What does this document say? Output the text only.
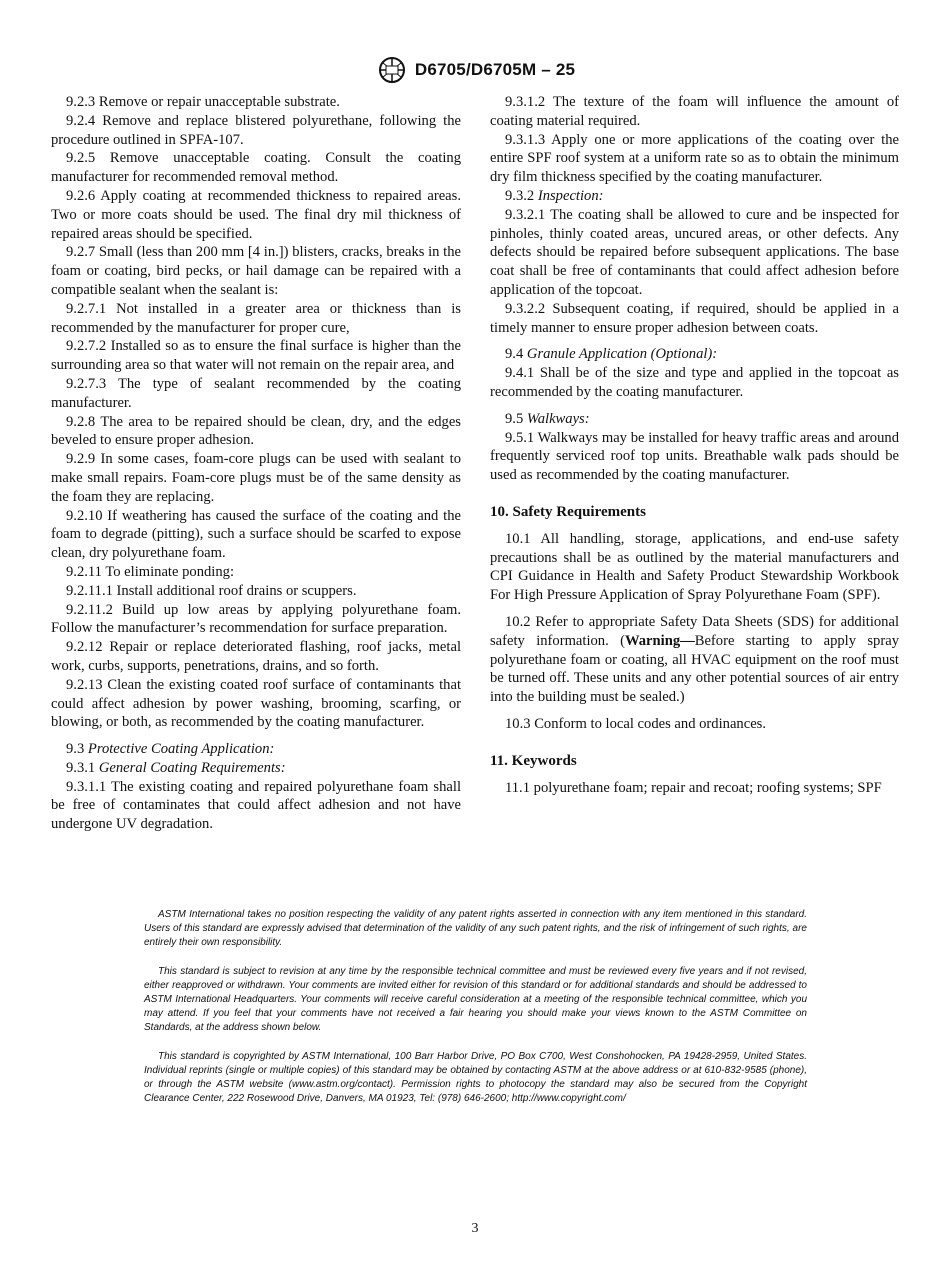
D6705/D6705M – 25

9.2.3 Remove or repair unacceptable substrate.

9.2.4 Remove and replace blistered polyurethane, following the procedure outlined in SPFA-107.

9.2.5 Remove unacceptable coating. Consult the coating manufacturer for recommended removal method.

9.2.6 Apply coating at recommended thickness to repaired areas. Two or more coats should be used. The final dry mil thickness of repaired areas should be specified.

9.2.7 Small (less than 200 mm [4 in.]) blisters, cracks, breaks in the foam or coating, bird pecks, or hail damage can be repaired with a compatible sealant when the sealant is:

9.2.7.1 Not installed in a greater area or thickness than is recommended by the manufacturer for proper cure,

9.2.7.2 Installed so as to ensure the final surface is higher than the surrounding area so that water will not remain on the repair area, and

9.2.7.3 The type of sealant recommended by the coating manufacturer.

9.2.8 The area to be repaired should be clean, dry, and the edges beveled to ensure proper adhesion.

9.2.9 In some cases, foam-core plugs can be used with sealant to make small repairs. Foam-core plugs must be of the same density as the foam they are replacing.

9.2.10 If weathering has caused the surface of the coating and the foam to degrade (pitting), such a surface should be scarfed to expose clean, dry polyurethane foam.

9.2.11 To eliminate ponding:

9.2.11.1 Install additional roof drains or scuppers.

9.2.11.2 Build up low areas by applying polyurethane foam. Follow the manufacturer’s recommendation for surface preparation.

9.2.12 Repair or replace deteriorated flashing, roof jacks, metal work, curbs, supports, penetrations, drains, and so forth.

9.2.13 Clean the existing coated roof surface of contaminants that could affect adhesion by power washing, brooming, scarfing, or blowing, or both, as recommended by the coating manufacturer.

9.3 Protective Coating Application:

9.3.1 General Coating Requirements:

9.3.1.1 The existing coating and repaired polyurethane foam shall be free of contaminates that could affect adhesion and not have undergone UV degradation.

9.3.1.2 The texture of the foam will influence the amount of coating material required.

9.3.1.3 Apply one or more applications of the coating over the entire SPF roof system at a uniform rate so as to obtain the minimum dry film thickness specified by the coating manufacturer.

9.3.2 Inspection:

9.3.2.1 The coating shall be allowed to cure and be inspected for pinholes, thinly coated areas, uncured areas, or other defects. Any defects should be repaired before subsequent applications. The base coat shall be free of contaminants that could affect adhesion before application of the topcoat.

9.3.2.2 Subsequent coating, if required, should be applied in a timely manner to ensure proper adhesion between coats.

9.4 Granule Application (Optional):

9.4.1 Shall be of the size and type and applied in the topcoat as recommended by the coating manufacturer.

9.5 Walkways:

9.5.1 Walkways may be installed for heavy traffic areas and around frequently serviced roof top units. Breathable walk pads should be used as recommended by the coating manufacturer.

10. Safety Requirements

10.1 All handling, storage, applications, and end-use safety precautions shall be as outlined by the material manufacturers and CPI Guidance in Health and Safety Product Stewardship Workbook For High Pressure Application of Spray Polyurethane Foam (SPF).

10.2 Refer to appropriate Safety Data Sheets (SDS) for additional safety information. (Warning—Before starting to apply spray polyurethane foam or coating, all HVAC equipment on the roof must be turned off. These units and any other potential sources of air entry into the building must be sealed.)

10.3 Conform to local codes and ordinances.

11. Keywords

11.1 polyurethane foam; repair and recoat; roofing systems; SPF

ASTM International takes no position respecting the validity of any patent rights asserted in connection with any item mentioned in this standard. Users of this standard are expressly advised that determination of the validity of any such patent rights, and the risk of infringement of such rights, are entirely their own responsibility.

This standard is subject to revision at any time by the responsible technical committee and must be reviewed every five years and if not revised, either reapproved or withdrawn. Your comments are invited either for revision of this standard or for additional standards and should be addressed to ASTM International Headquarters. Your comments will receive careful consideration at a meeting of the responsible technical committee, which you may attend. If you feel that your comments have not received a fair hearing you should make your views known to the ASTM Committee on Standards, at the address shown below.

This standard is copyrighted by ASTM International, 100 Barr Harbor Drive, PO Box C700, West Conshohocken, PA 19428-2959, United States. Individual reprints (single or multiple copies) of this standard may be obtained by contacting ASTM at the above address or at 610-832-9585 (phone), or through the ASTM website (www.astm.org/contact). Permission rights to photocopy the standard may also be secured from the Copyright Clearance Center, 222 Rosewood Drive, Danvers, MA 01923, Tel: (978) 646-2600; http://www.copyright.com/

3
